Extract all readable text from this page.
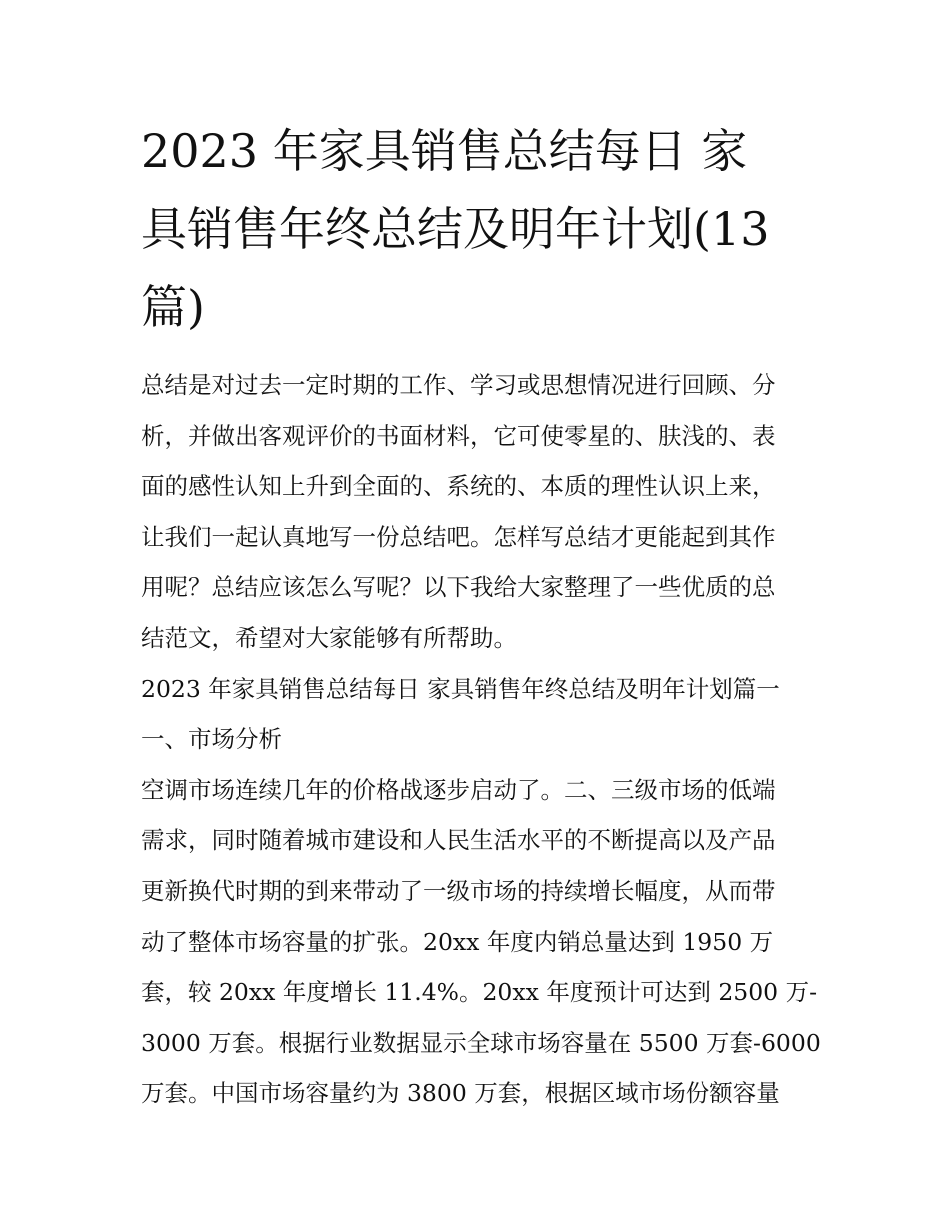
2023 年家具销售总结每日 家
具销售年终总结及明年计划(13
篇)
总结是对过去一定时期的工作、学习或思想情况进行回顾、分
析，并做出客观评价的书面材料，它可使零星的、肤浅的、表
面的感性认知上升到全面的、系统的、本质的理性认识上来，
让我们一起认真地写一份总结吧。怎样写总结才更能起到其作
用呢？总结应该怎么写呢？以下我给大家整理了一些优质的总
结范文，希望对大家能够有所帮助。
2023 年家具销售总结每日 家具销售年终总结及明年计划篇一
一、市场分析
空调市场连续几年的价格战逐步启动了。二、三级市场的低端
需求，同时随着城市建设和人民生活水平的不断提高以及产品
更新换代时期的到来带动了一级市场的持续增长幅度，从而带
动了整体市场容量的扩张。20xx 年度内销总量达到 1950 万
套，较 20xx 年度增长 11.4%。20xx 年度预计可达到 2500 万-
3000 万套。根据行业数据显示全球市场容量在 5500 万套-6000
万套。中国市场容量约为 3800 万套，根据区域市场份额容量
